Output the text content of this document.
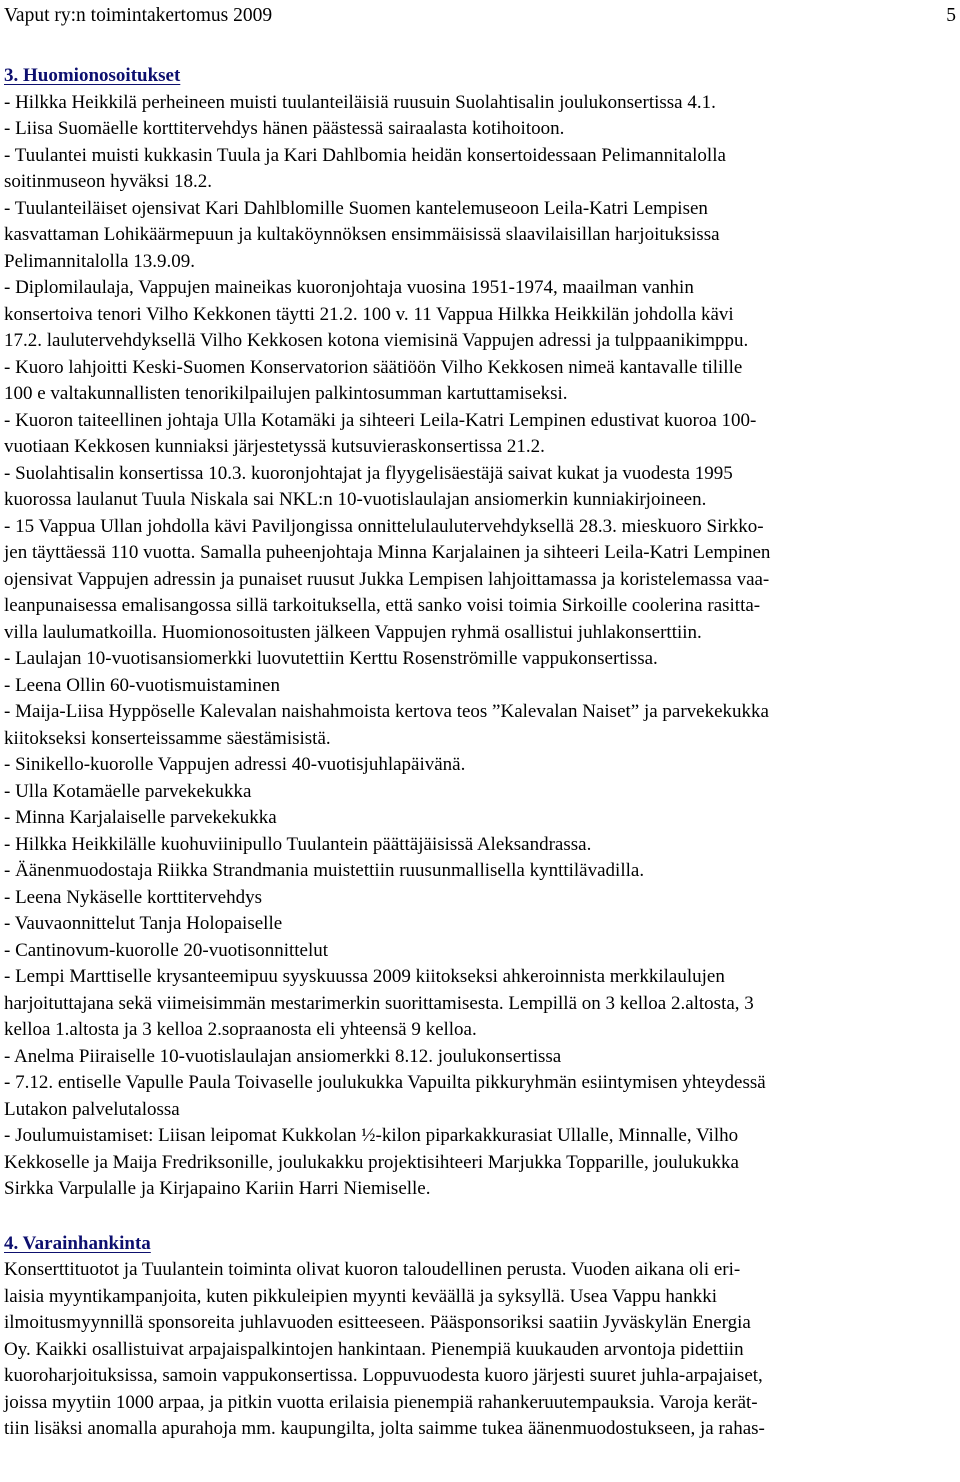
Vaput ry:n toimintakertomus 2009	5
3. Huomionosoitukset
- Hilkka Heikkilä perheineen muisti tuulanteiläisiä ruusuin Suolahtisalin joulukonsertissa 4.1.
- Liisa Suomäelle korttitervehdys hänen päästessä sairaalasta kotihoitoon.
- Tuulantei muisti kukkasin Tuula ja Kari Dahlbomia heidän konsertoidessaan Pelimannitalolla
soitinmuseon hyväksi 18.2.
- Tuulanteiläiset ojensivat Kari Dahlblomille Suomen kantelemuseoon Leila-Katri Lempisen
kasvattaman Lohikäärmepuun ja kultaköynnöksen ensimmäisissä slaavilaisillan harjoituksissa
Pelimannitalolla 13.9.09.
- Diplomilaulaja, Vappujen maineikas kuoronjohtaja vuosina 1951-1974, maailman vanhin
konsertoiva tenori Vilho Kekkonen täytti 21.2. 100 v. 11 Vappua Hilkka Heikkilän johdolla kävi
17.2. laulutervehdyksellä Vilho Kekkosen kotona viemisinä Vappujen adressi ja tulppaanikimppu.
- Kuoro lahjoitti Keski-Suomen Konservatorion säätiöön Vilho Kekkosen nimeä kantavalle tilille
100 e valtakunnallisten tenorikilpailujen palkintosumman kartuttamiseksi.
- Kuoron taiteellinen johtaja Ulla Kotamäki ja sihteeri Leila-Katri Lempinen edustivat kuoroa 100-
vuotiaan Kekkosen kunniaksi järjestetyssä kutsuvieraskonsertissa 21.2.
- Suolahtisalin konsertissa 10.3. kuoronjohtajat ja flyygelisäestäjä saivat kukat ja vuodesta 1995
kuorossa laulanut Tuula Niskala sai NKL:n 10-vuotislaulajan ansiomerkin kunniakirjoineen.
- 15 Vappua Ullan johdolla kävi Paviljongissa onnittelulaulutervehdyksellä 28.3. mieskuoro Sirkko-
jen täyttäessä 110 vuotta. Samalla puheenjohtaja Minna Karjalainen ja sihteeri Leila-Katri Lempinen
ojensivat Vappujen adressin ja punaiset ruusut Jukka Lempisen lahjoittamassa ja koristelemassa vaa-
leanpunaisessa emalisangossa sillä tarkoituksella, että sanko voisi toimia Sirkoille coolerina rasitta-
villa laulumatkoilla. Huomionosoitusten jälkeen Vappujen ryhmä osallistui juhlakonserttiin.
- Laulajan 10-vuotisansiomerkki luovutettiin Kerttu Rosenströmille vappukonsertissa.
- Leena Ollin 60-vuotismuistaminen
- Maija-Liisa Hyppöselle Kalevalan naishahmoista kertova teos ”Kalevalan Naiset” ja parvekekukka
kiitokseksi konserteissamme säestämisistä.
- Sinikello-kuorolle Vappujen adressi 40-vuotisjuhlapäivänä.
- Ulla Kotamäelle parvekekukka
- Minna Karjalaiselle parvekekukka
- Hilkka Heikkilälle kuohuviinipullo Tuulantein päättäjäisissä Aleksandrassa.
- Äänenmuodostaja Riikka Strandmania muistettiin ruusunmallisella kynttilävadilla.
- Leena Nykäselle korttitervehdys
- Vauvaonnittelut Tanja Holopaiselle
- Cantinovum-kuorolle 20-vuotisonnittelut
- Lempi Marttiselle krysanteemipuu syyskuussa 2009 kiitokseksi ahkeroinnista merkkilaulujen
harjoituttajana sekä viimeisimmän mestarimerkin suorittamisesta. Lempillä on 3 kelloa 2.altosta, 3
kelloa 1.altosta ja 3 kelloa 2.sopraanosta eli yhteensä 9 kelloa.
- Anelma Piiraiselle 10-vuotislaulajan ansiomerkki 8.12. joulukonsertissa
- 7.12. entiselle Vapulle Paula Toivaselle joulukukka Vapuilta pikkuryhmän esiintymisen yhteydessä
Lutakon palvelutalossa
- Joulumuistamiset: Liisan leipomat Kukkolan ½-kilon piparkakkurasiat Ullalle, Minnalle, Vilho
Kekkoselle ja Maija Fredriksonille, joulukakku projektisihteeri Marjukka Topparille, joulukukka
Sirkka Varpulalle ja Kirjapaino Kariin Harri Niemiselle.
4. Varainhankinta
Konserttituotot ja Tuulantein toiminta olivat kuoron taloudellinen perusta. Vuoden aikana oli eri-
laisia myyntikampanjoita, kuten pikkuleipien myynti keväällä ja syksyllä. Usea Vappu hankki
ilmoitusmyynnillä sponsoreita juhlavuoden esitteeseen. Pääsponsoriksi saatiin Jyväskylän Energia
Oy. Kaikki osallistuivat arpajaispalkintojen hankintaan. Pienempiä kuukauden arvontoja pidettiin
kuoroharjoituksissa, samoin vappukonsertissa. Loppuvuodesta kuoro järjesti suuret juhla-arpajaiset,
joissa myytiin 1000 arpaa, ja pitkin vuotta erilaisia pienempiä rahankeruutempauksia. Varoja kerät-
tiin lisäksi anomalla apurahoja mm. kaupungilta, jolta saimme tukea äänenmuodostukseen, ja rahas-
